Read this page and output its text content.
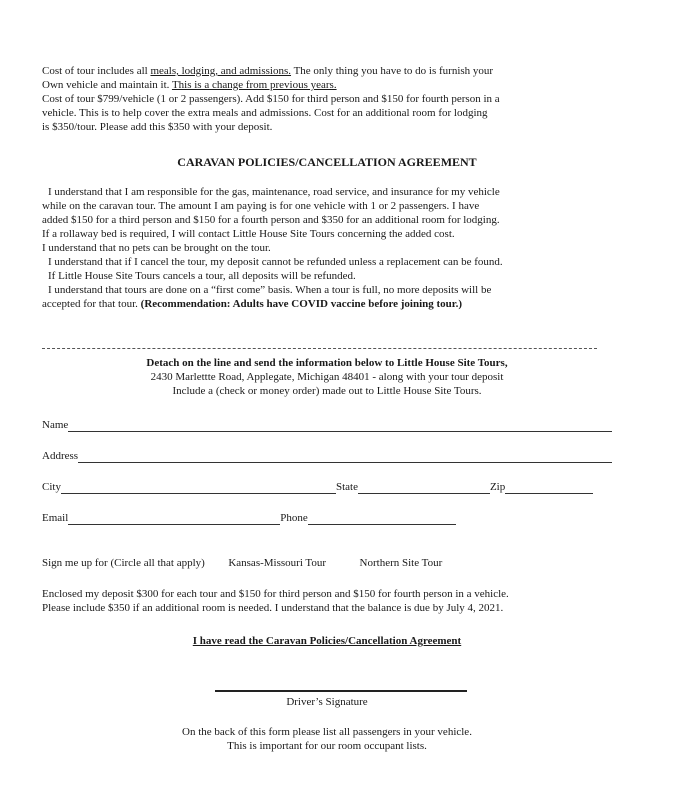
Cost of tour includes all meals, lodging, and admissions. The only thing you have to do is furnish your
Own vehicle and maintain it. This is a change from previous years.
Cost of tour $799/vehicle (1 or 2 passengers). Add $150 for third person and $150 for fourth person in a
vehicle. This is to help cover the extra meals and admissions. Cost for an additional room for lodging
is $350/tour. Please add this $350 with your deposit.
CARAVAN POLICIES/CANCELLATION AGREEMENT
I understand that I am responsible for the gas, maintenance, road service, and insurance for my vehicle
while on the caravan tour. The amount I am paying is for one vehicle with 1 or 2 passengers. I have
added $150 for a third person and $150 for a fourth person and $350 for an additional room for lodging.
If a rollaway bed is required, I will contact Little House Site Tours concerning the added cost.
I understand that no pets can be brought on the tour.
I understand that if I cancel the tour, my deposit cannot be refunded unless a replacement can be found.
If Little House Site Tours cancels a tour, all deposits will be refunded.
I understand that tours are done on a “first come” basis. When a tour is full, no more deposits will be
accepted for that tour. (Recommendation: Adults have COVID vaccine before joining tour.)
Detach on the line and send the information below to Little House Site Tours,
2430 Marlettte Road, Applegate, Michigan 48401 - along with your tour deposit
Include a (check or money order) made out to Little House Site Tours.
Name
Address
City	State	Zip
Email	Phone
Sign me up for (Circle all that apply) Kansas-Missouri Tour	Northern Site Tour
Enclosed my deposit $300 for each tour and $150 for third person and $150 for fourth person in a vehicle.
Please include $350 if an additional room is needed. I understand that the balance is due by July 4, 2021.
I have read the Caravan Policies/Cancellation Agreement
Driver’s Signature
On the back of this form please list all passengers in your vehicle.
This is important for our room occupant lists.
